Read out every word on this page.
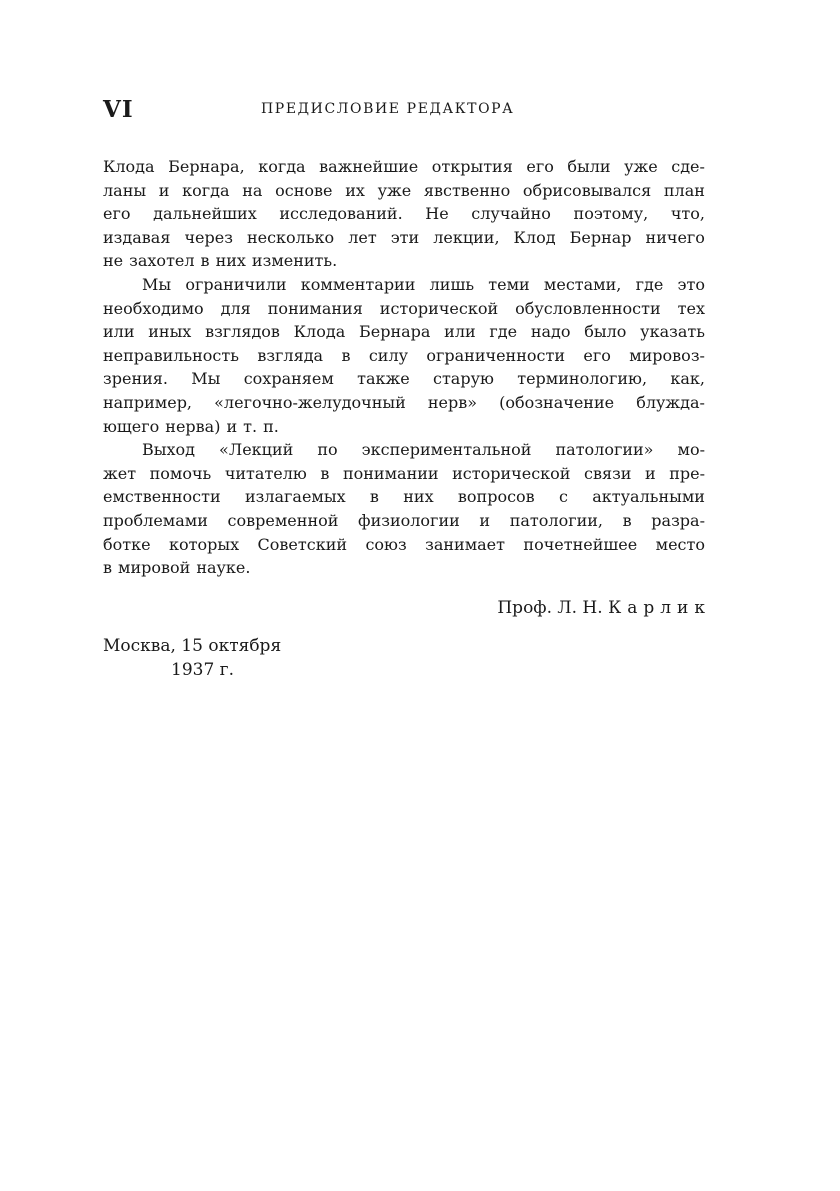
VI	ПРЕДИСЛОВИЕ РЕДАКТОРА
Клода Бернара, когда важнейшие открытия его были уже сде-
ланы и когда на основе их уже явственно обрисовывался план
его дальнейших исследований. Не случайно поэтому, что,
издавая через несколько лет эти лекции, Клод Бернар ничего
не захотел в них изменить.
Мы ограничили комментарии лишь теми местами, где это
необходимо для понимания исторической обусловленности тех
или иных взглядов Клода Бернара или где надо было указать
неправильность взгляда в силу ограниченности его мировоз-
зрения. Мы сохраняем также старую терминологию, как,
например, «легочно-желудочный нерв» (обозначение блужда-
ющего нерва) и т. п.
Выход «Лекций по экспериментальной патологии» мо-
жет помочь читателю в понимании исторической связи и пре-
емственности излагаемых в них вопросов с актуальными
проблемами современной физиологии и патологии, в разра-
ботке которых Советский союз занимает почетнейшее место
в мировой науке.
Проф. Л. Н. Карлик
Москва, 15 октября
1937 г.
